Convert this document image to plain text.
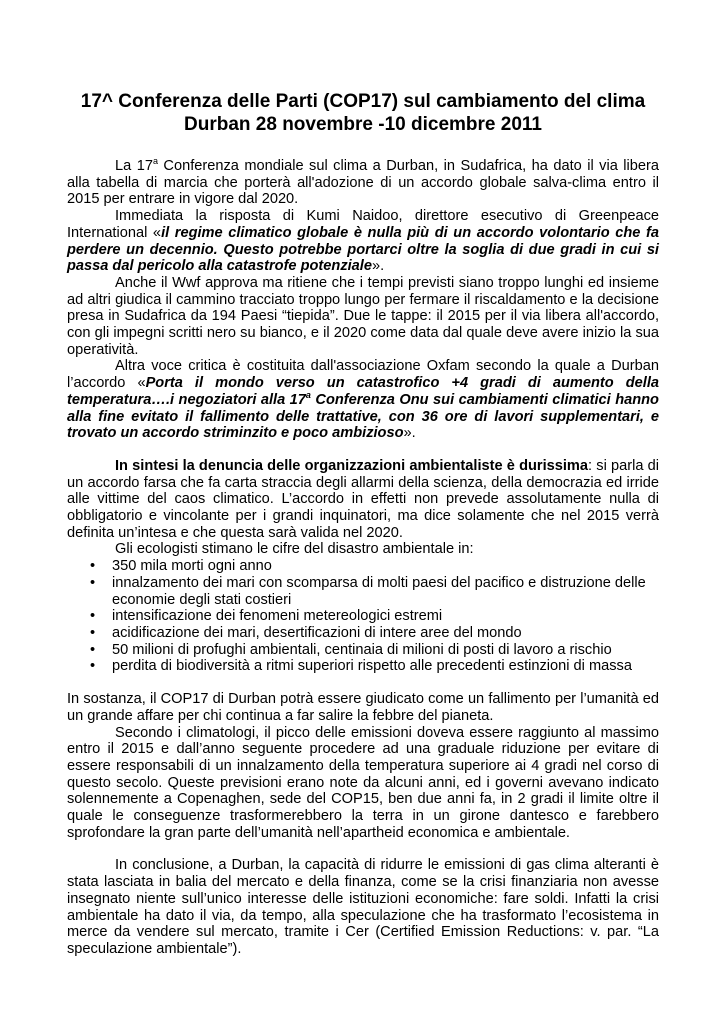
17^ Conferenza delle Parti (COP17) sul cambiamento del clima
Durban 28 novembre -10 dicembre 2011

La 17$^a$ Conferenza mondiale sul clima a Durban, in Sudafrica, ha dato il via libera alla tabella di marcia che porterà all'adozione di un accordo globale salva-clima entro il 2015 per entrare in vigore dal 2020.

Immediata la risposta di Kumi Naidoo, direttore esecutivo di Greenpeace International «il regime climatico globale è nulla più di un accordo volontario che fa perdere un decennio. Questo potrebbe portarci oltre la soglia di due gradi in cui si passa dal pericolo alla catastrofe potenziale».

Anche il Wwf approva ma ritiene che i tempi previsti siano troppo lunghi ed insieme ad altri giudica il cammino tracciato troppo lungo per fermare il riscaldamento e la decisione presa in Sudafrica da 194 Paesi “tiepida”. Due le tappe: il 2015 per il via libera all'accordo, con gli impegni scritti nero su bianco, e il 2020 come data dal quale deve avere inizio la sua operatività.

Altra voce critica è costituita dall'associazione Oxfam secondo la quale a Durban l’accordo «Porta il mondo verso un catastrofico +4 gradi di aumento della temperatura….i negoziatori alla 17$^a$ Conferenza Onu sui cambiamenti climatici hanno alla fine evitato il fallimento delle trattative, con 36 ore di lavori supplementari, e trovato un accordo striminzito e poco ambizioso».

In sintesi la denuncia delle organizzazioni ambientaliste è durissima: si parla di un accordo farsa che fa carta straccia degli allarmi della scienza, della democrazia ed irride alle vittime del caos climatico. L’accordo in effetti non prevede assolutamente nulla di obbligatorio e vincolante per i grandi inquinatori, ma dice solamente che nel 2015 verrà definita un’intesa e che questa sarà valida nel 2020.

Gli ecologisti stimano le cifre del disastro ambientale in:

• 350 mila morti ogni anno
• innalzamento dei mari con scomparsa di molti paesi del pacifico e distruzione delle economie degli stati costieri
• intensificazione dei fenomeni metereologici estremi
• acidificazione dei mari, desertificazioni di intere aree del mondo
• 50 milioni di profughi ambientali, centinaia di milioni di posti di lavoro a rischio
• perdita di biodiversità a ritmi superiori rispetto alle precedenti estinzioni di massa

In sostanza, il COP17 di Durban potrà essere giudicato come un fallimento per l’umanità ed un grande affare per chi continua a far salire la febbre del pianeta.

Secondo i climatologi, il picco delle emissioni doveva essere raggiunto al massimo entro il 2015 e dall’anno seguente procedere ad una graduale riduzione per evitare di essere responsabili di un innalzamento della temperatura superiore ai 4 gradi nel corso di questo secolo. Queste previsioni erano note da alcuni anni, ed i governi avevano indicato solennemente a Copenaghen, sede del COP15, ben due anni fa, in 2 gradi il limite oltre il quale le conseguenze trasformerebbero la terra in un girone dantesco e farebbero sprofondare la gran parte dell’umanità nell’apartheid economica e ambientale.

In conclusione, a Durban, la capacità di ridurre le emissioni di gas clima alteranti è stata lasciata in balia del mercato e della finanza, come se la crisi finanziaria non avesse insegnato niente sull’unico interesse delle istituzioni economiche: fare soldi. Infatti la crisi ambientale ha dato il via, da tempo, alla speculazione che ha trasformato l’ecosistema in merce da vendere sul mercato, tramite i Cer (Certified Emission Reductions: v. par. “La speculazione ambientale”).
